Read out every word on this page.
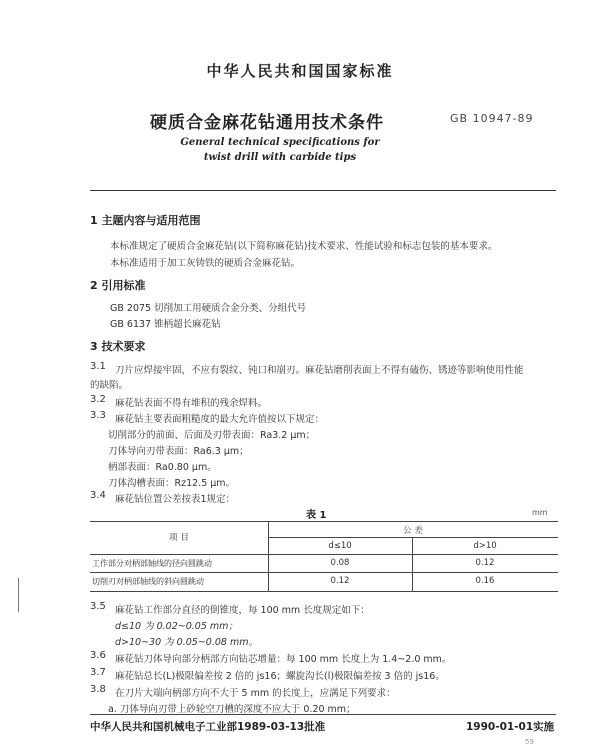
中华人民共和国国家标准
硬质合金麻花钻通用技术条件	GB 10947-89
General technical specifications for
twist drill with carbide tips
1 主题内容与适用范围
本标准规定了硬质合金麻花钻(以下简称麻花钻)技术要求、性能试验和标志包装的基本要求。
本标准适用于加工灰铸铁的硬质合金麻花钻。
2 引用标准
GB 2075 切削加工用硬质合金分类、分组代号
GB 6137 锥柄超长麻花钻
3 技术要求
3.1 刀片应焊接牢固，不应有裂纹、钝口和崩刃。麻花钻磨削表面上不得有磕伤、锈迹等影响使用性能
的缺陷。
3.2 麻花钻表面不得有堆积的残余焊料。
3.3 麻花钻主要表面粗糙度的最大允许值按以下规定：
切削部分的前面、后面及刃带表面：Ra3.2 μm；
刀体导向刃带表面：Ra6.3 μm；
柄部表面：Ra0.80 μm。
刀体沟槽表面：Rz12.5 μm。
3.4 麻花钻位置公差按表1规定：
表 1	mm
项 目
公 差
d≤10	d>10
工作部分对柄部轴线的径向圆跳动	0.08	0.12
切削刃对柄部轴线的斜向圆跳动	0.12	0.16
3.5 麻花钻工作部分直径的倒锥度，每 100 mm 长度规定如下：
d≤10 为 0.02~0.05 mm；
d>10~30 为 0.05~0.08 mm。
3.6 麻花钻刀体导向部分柄部方向钻芯增量：每 100 mm 长度上为 1.4~2.0 mm。
3.7 麻花钻总长(L)极限偏差按 2 倍的 js16；螺旋沟长(l)极限偏差按 3 倍的 js16。
3.8 在刀片大端向柄部方向不大于 5 mm 的长度上，应满足下列要求：
a. 刀体导向刃带上砂轮空刀槽的深度不应大于 0.20 mm；
中华人民共和国机械电子工业部1989-03-13批准	1990-01-01实施
59
